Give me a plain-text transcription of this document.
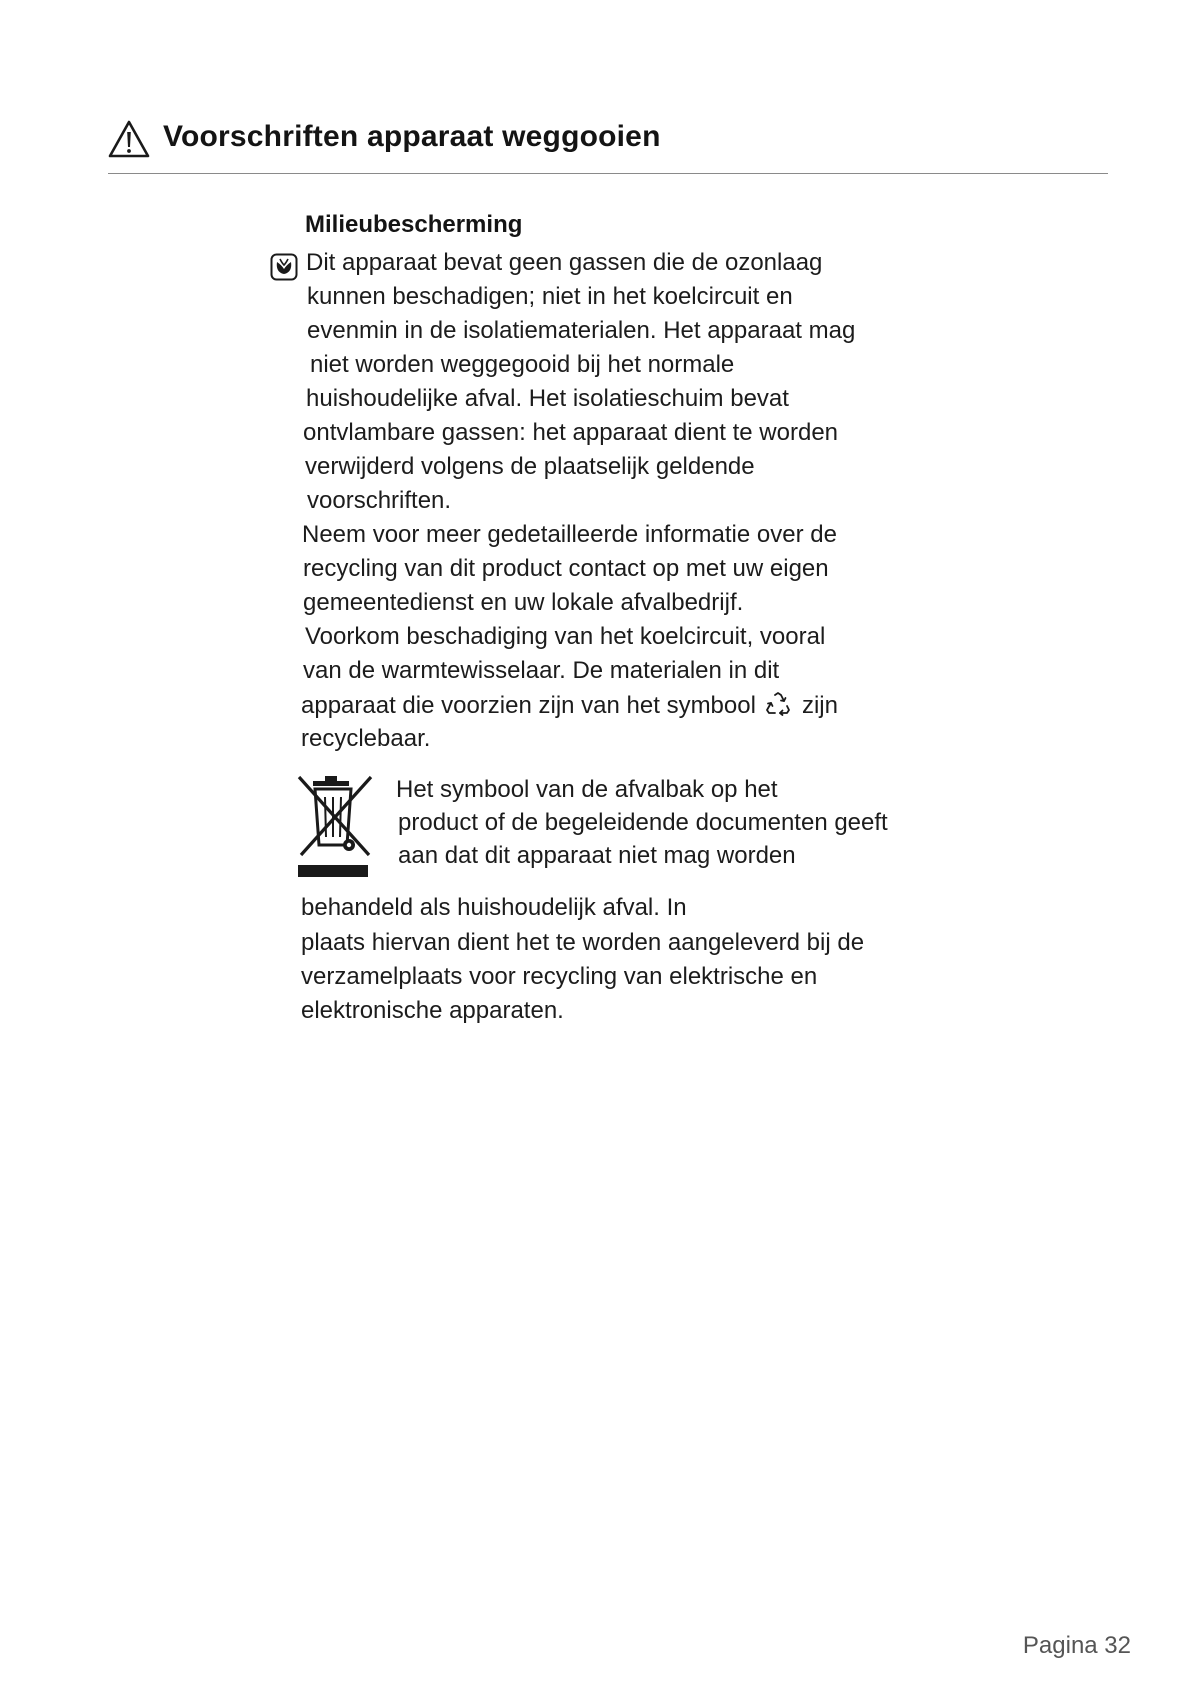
Voorschriften apparaat weggooien
Milieubescherming
Dit apparaat bevat geen gassen die de ozonlaag
kunnen beschadigen; niet in het koelcircuit en
evenmin in de isolatiematerialen. Het apparaat mag
niet worden weggegooid bij het normale
huishoudelijke afval. Het isolatieschuim bevat
ontvlambare gassen: het apparaat dient te worden
verwijderd volgens de plaatselijk geldende
voorschriften.
Neem voor meer gedetailleerde informatie over de
recycling van dit product contact op met uw eigen
gemeentedienst en uw lokale afvalbedrijf.
Voorkom beschadiging van het koelcircuit, vooral
van de warmtewisselaar. De materialen in dit
apparaat die voorzien zijn van het symbool zijn
recyclebaar.
Het symbool van de afvalbak op het
product of de begeleidende documenten geeft
aan dat dit apparaat niet mag worden
behandeld als huishoudelijk afval. In
plaats hiervan dient het te worden aangeleverd bij de
verzamelplaats voor recycling van elektrische en
elektronische apparaten.
Pagina 32
